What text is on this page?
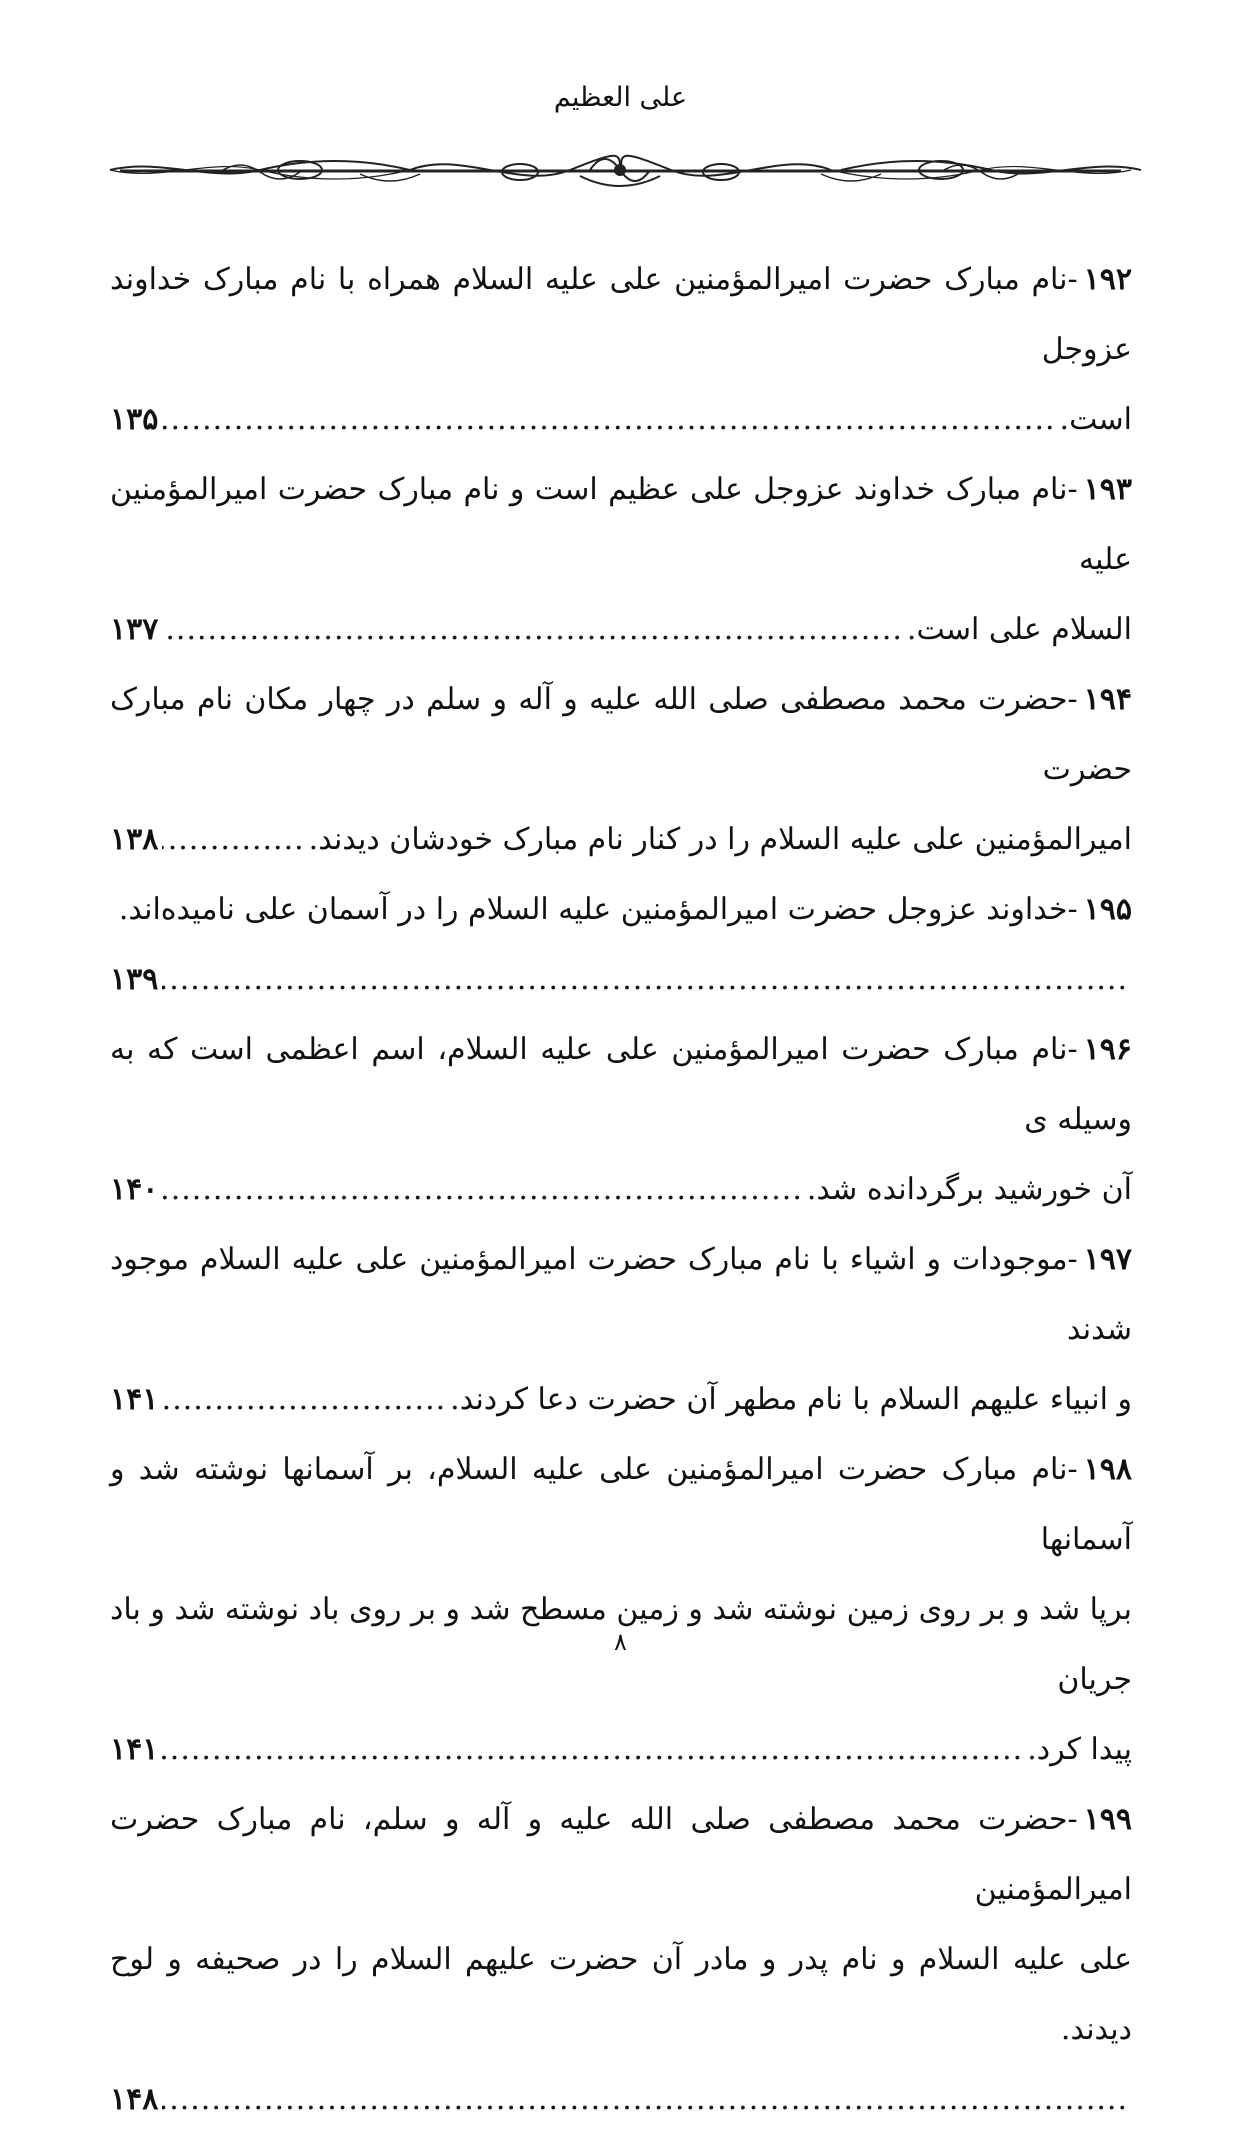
علی العظیم
۱۹۲-نام مبارک حضرت امیرالمؤمنین علی علیه السلام همراه با نام مبارک خداوند عزوجل
است.
.....
۱۳۵
۱۹۳-نام مبارک خداوند عزوجل علی عظیم است و نام مبارک حضرت امیرالمؤمنین علیه
السلام علی است.
.....
۱۳۷
۱۹۴-حضرت محمد مصطفی صلی الله علیه و آله و سلم در چهار مکان نام مبارک حضرت
امیرالمؤمنین علی علیه السلام را در کنار نام مبارک خودشان دیدند.
.....
۱۳۸
۱۹۵-خداوند عزوجل حضرت امیرالمؤمنین علیه السلام را در آسمان علی نامیده‌اند.
.....
۱۳۹
۱۹۶-نام مبارک حضرت امیرالمؤمنین علی علیه السلام، اسم اعظمی است که به وسیله ی
آن خورشید برگردانده شد.
.....
۱۴۰
۱۹۷-موجودات و اشیاء با نام مبارک حضرت امیرالمؤمنین علی علیه السلام موجود شدند
و انبیاء علیهم السلام با نام مطهر آن حضرت دعا کردند.
.....
۱۴۱
۱۹۸-نام مبارک حضرت امیرالمؤمنین علی علیه السلام، بر آسمانها نوشته شد و آسمانها
برپا شد و بر روی زمین نوشته شد و زمین مسطح شد و بر روی باد نوشته شد و باد جریان
پیدا کرد.
.....
۱۴۱
۱۹۹-حضرت محمد مصطفی صلی الله علیه و آله و سلم، نام مبارک حضرت امیرالمؤمنین
علی علیه السلام و نام پدر و مادر آن حضرت علیهم السلام را در صحیفه و لوح دیدند.
.....
۱۴۸
۸
